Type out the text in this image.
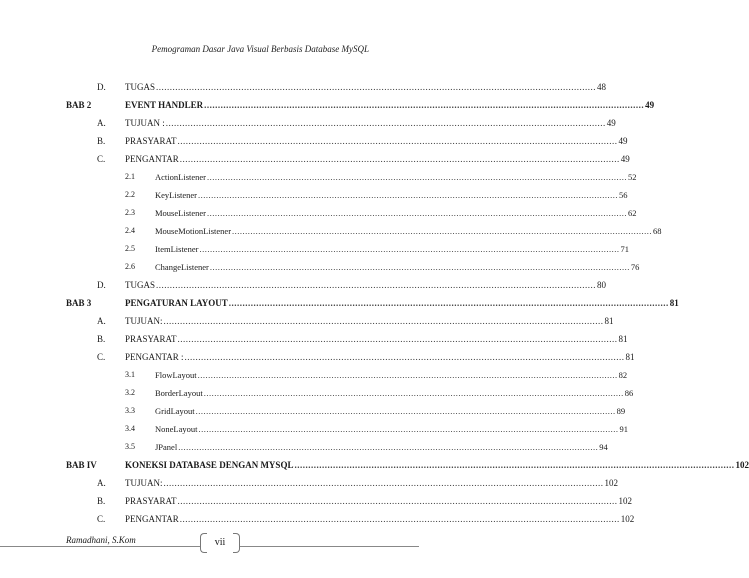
Pemograman Dasar Java Visual Berbasis Database MySQL
D. TUGAS ................................................................................................................................................................ 48
BAB 2	EVENT HANDLER ................................................................................................................................................................ 49
A. TUJUAN : ................................................................................................................................................................ 49
B. PRASYARAT ................................................................................................................................................................ 49
C. PENGANTAR ................................................................................................................................................................ 49
2.1 ActionListener ................................................................................................................................................................ 52
2.2 KeyListener ................................................................................................................................................................ 56
2.3 MouseListener ................................................................................................................................................................ 62
2.4 MouseMotionListener ................................................................................................................................................................ 68
2.5 ItemListener ................................................................................................................................................................ 71
2.6 ChangeListener ................................................................................................................................................................ 76
D. TUGAS ................................................................................................................................................................ 80
BAB 3	PENGATURAN LAYOUT ................................................................................................................................................................ 81
A. TUJUAN: ................................................................................................................................................................ 81
B. PRASYARAT ................................................................................................................................................................ 81
C. PENGANTAR : ................................................................................................................................................................ 81
3.1 FlowLayout ................................................................................................................................................................ 82
3.2 BorderLayout ................................................................................................................................................................ 86
3.3 GridLayout ................................................................................................................................................................ 89
3.4 NoneLayout ................................................................................................................................................................ 91
3.5 JPanel ................................................................................................................................................................ 94
BAB IV	KONEKSI DATABASE DENGAN MYSQL ................................................................................................................................................................ 102
A. TUJUAN: ................................................................................................................................................................ 102
B. PRASYARAT ................................................................................................................................................................ 102
C. PENGANTAR ................................................................................................................................................................ 102
Ramadhani, S.Kom	vii
